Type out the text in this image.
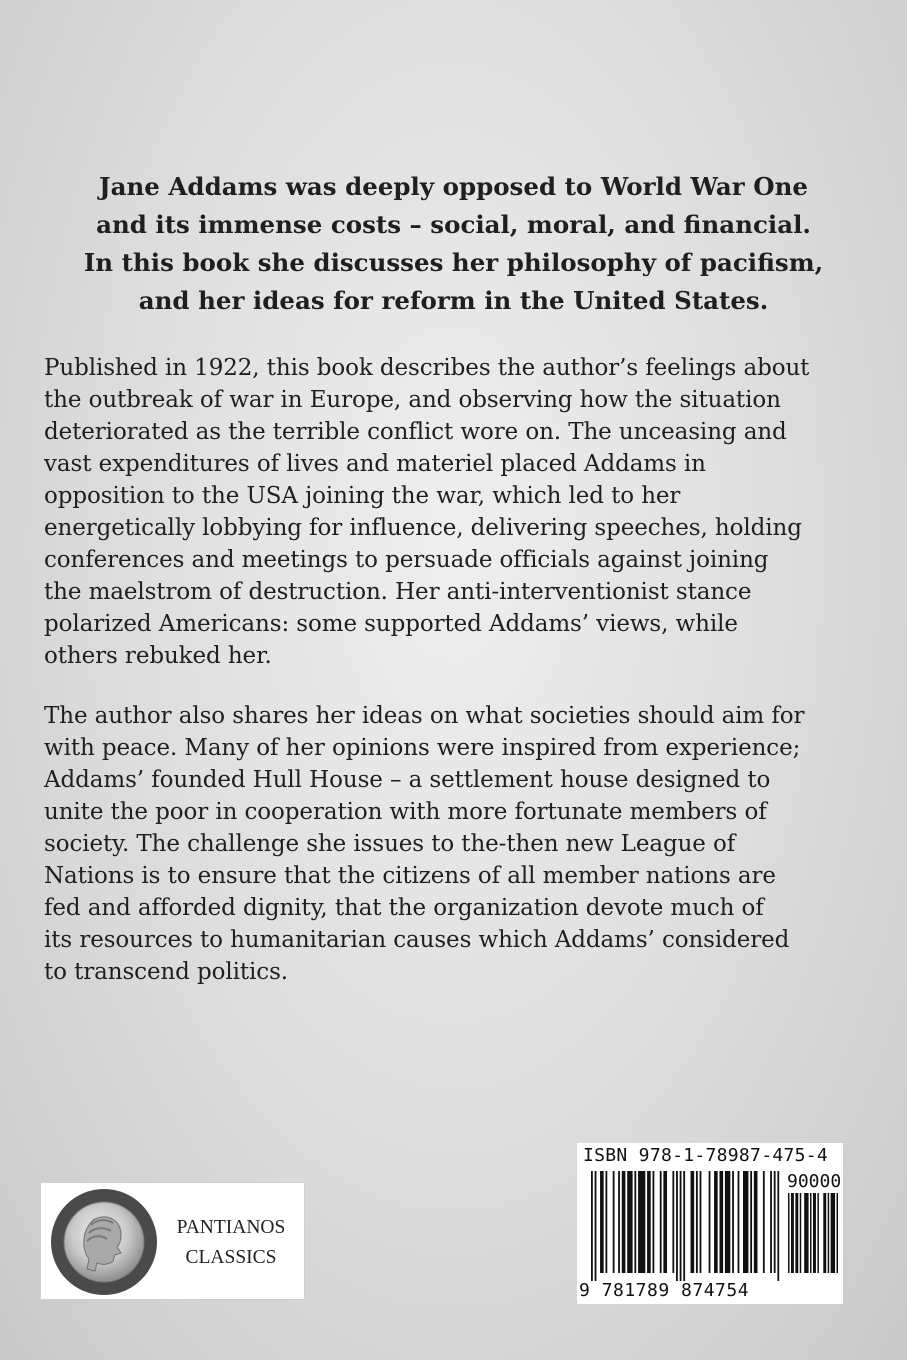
Jane Addams was deeply opposed to World War One
and its immense costs – social, moral, and financial.
In this book she discusses her philosophy of pacifism,
and her ideas for reform in the United States.
Published in 1922, this book describes the author’s feelings about
the outbreak of war in Europe, and observing how the situation
deteriorated as the terrible conflict wore on. The unceasing and
vast expenditures of lives and materiel placed Addams in
opposition to the USA joining the war, which led to her
energetically lobbying for influence, delivering speeches, holding
conferences and meetings to persuade officials against joining
the maelstrom of destruction. Her anti-interventionist stance
polarized Americans: some supported Addams’ views, while
others rebuked her.
The author also shares her ideas on what societies should aim for
with peace. Many of her opinions were inspired from experience;
Addams’ founded Hull House – a settlement house designed to
unite the poor in cooperation with more fortunate members of
society. The challenge she issues to the-then new League of
Nations is to ensure that the citizens of all member nations are
fed and afforded dignity, that the organization devote much of
its resources to humanitarian causes which Addams’ considered
to transcend politics.
PANTIANOS
CLASSICS
ISBN 978-1-78987-475-4
90000
9 781789 874754
